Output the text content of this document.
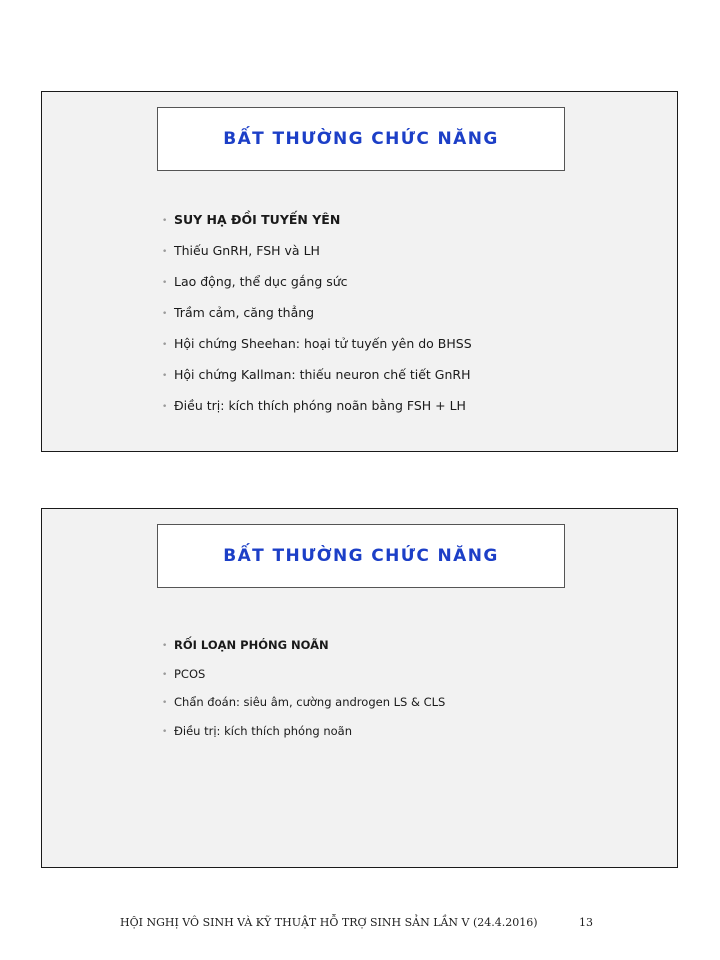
BẤT THƯỜNG CHỨC NĂNG
• SUY HẠ ĐỒI TUYẾN YÊN
• Thiếu GnRH, FSH và LH
• Lao động, thể dục gắng sức
• Trầm cảm, căng thẳng
• Hội chứng Sheehan: hoại tử tuyến yên do BHSS
• Hội chứng Kallman: thiếu neuron chế tiết GnRH
• Điều trị: kích thích phóng noãn bằng FSH + LH
BẤT THƯỜNG CHỨC NĂNG
• RỐI LOẠN PHÓNG NOÃN
• PCOS
• Chẩn đoán: siêu âm, cường androgen LS & CLS
• Điều trị: kích thích phóng noãn
HỘI NGHỊ VÔ SINH VÀ KỸ THUẬT HỖ TRỢ SINH SẢN LẦN V (24.4.2016)	13
